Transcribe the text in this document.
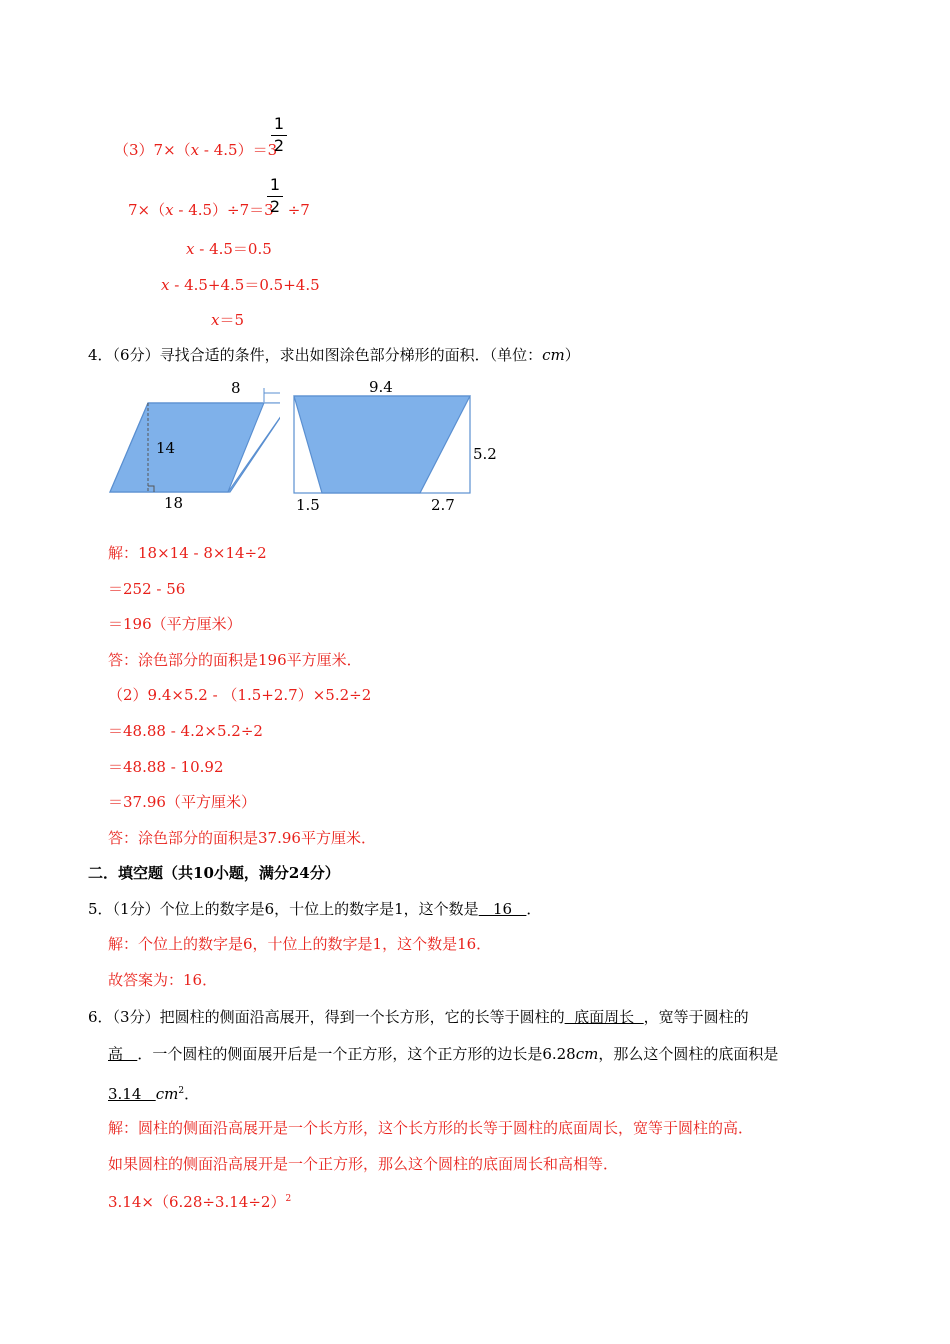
（3）7×（x - 4.5）＝3
1
2
7×（x - 4.5）÷7＝3 ÷7
1
2
x - 4.5＝0.5
x - 4.5+4.5＝0.5+4.5
x＝5
4．（6分）寻找合适的条件，求出如图涂色部分梯形的面积．（单位：cm）
8
14
18
9.4
5.2
1.5	2.7
解：18×14 - 8×14÷2
＝252 - 56
＝196（平方厘米）
答：涂色部分的面积是196平方厘米．
（2）9.4×5.2 - （1.5+2.7）×5.2÷2
＝48.88 - 4.2×5.2÷2
＝48.88 - 10.92
＝37.96（平方厘米）
答：涂色部分的面积是37.96平方厘米．
二．填空题（共10小题，满分24分）
5．（1分）个位上的数字是6，十位上的数字是1，这个数是   16   ．
解：个位上的数字是6，十位上的数字是1，这个数是16．
故答案为：16．
6．（3分）把圆柱的侧面沿高展开，得到一个长方形，它的长等于圆柱的  底面周长  ，宽等于圆柱的
高   ．一个圆柱的侧面展开后是一个正方形，这个正方形的边长是6.28cm，那么这个圆柱的底面积是
3.14   $cm^2$．
解：圆柱的侧面沿高展开是一个长方形，这个长方形的长等于圆柱的底面周长，宽等于圆柱的高．
如果圆柱的侧面沿高展开是一个正方形，那么这个圆柱的底面周长和高相等．
$3.14\times(6.28\div 3.14\div 2)^2$
